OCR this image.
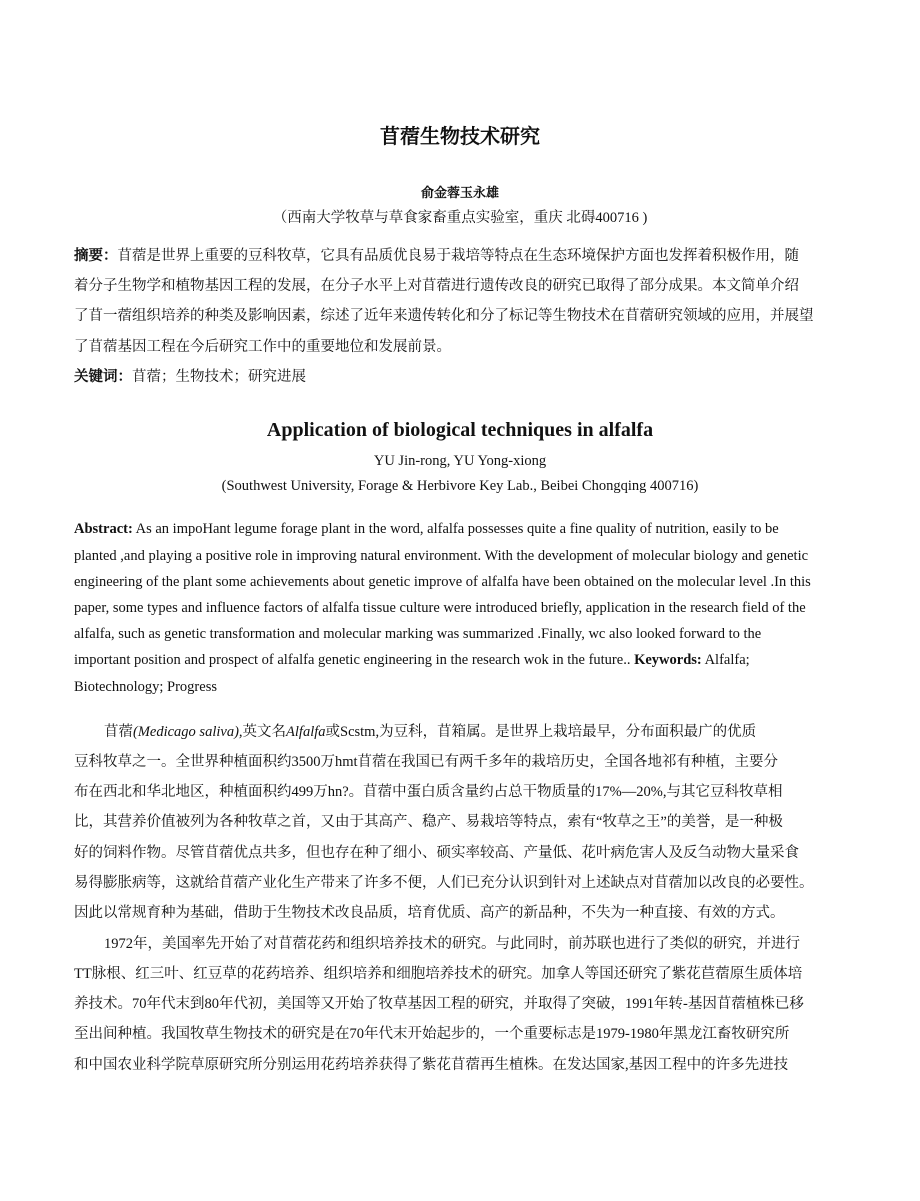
苜蓿生物技术研究
俞金蓉玉永雄
（西南大学牧草与草食家畜重点实验室，重庆 北碍400716 )
摘要：苜蓿是世界上重要的豆科牧草，它具有品质优良易于栽培等特点在生态环境保护方面也发挥着积极作用，随
着分子生物学和植物基因工程的发展，在分子水平上对苜蓿进行遗传改良的研究已取得了部分成果。本文简单介绍
了苜一蓿组织培养的种类及影响因素，综述了近年来遗传转化和分了标记等生物技术在苜蓿研究领域的应用，并展望
了苜蓿基因工程在今后研究工作中的重要地位和发展前景。
关键词：苜蓿；生物技术；研究进展
Application of biological techniques in alfalfa
YU Jin-rong, YU Yong-xiong
(Southwest University, Forage & Herbivore Key Lab., Beibei Chongqing 400716)
Abstract: As an impoHant legume forage plant in the word, alfalfa possesses quite a fine quality of nutrition, easily to be
planted ,and playing a positive role in improving natural environment. With the development of molecular biology and genetic
engineering of the plant some achievements about genetic improve of alfalfa have been obtained on the molecular level .In this
paper, some types and influence factors of alfalfa tissue culture were introduced briefly, application in the research field of the
alfalfa, such as genetic transformation and molecular marking was summarized .Finally, wc also looked forward to the
important position and prospect of alfalfa genetic engineering in the research wok in the future.. Keywords: Alfalfa;
Biotechnology; Progress
苜蓿(Medicago saliva),英文名Alfalfa或Scstm,为豆科，苜箱属。是世界上栽培最早，分布面积最广的优质
豆科牧草之一。全世界种植面积约3500万hmt苜蓿在我国已有两千多年的栽培历史，全国各地祁有种植，主要分
布在西北和华北地区，种植面积约499万hn?。苜蓿中蛋白质含量约占总干物质量的17%—20%,与其它豆科牧草相
比，其营养价值被列为各种牧草之首，又由于其高产、稳产、易栽培等特点，索有“牧草之王”的美誉，是一种极
好的饲料作物。尽管苜蓿优点共多，但也存在种了细小、硕实率较高、产量低、花叶病危害人及反刍动物大量采食
易得膨胀病等，这就给苜蓿产业化生产带来了许多不便，人们已充分认识到针对上述缺点对苜蓿加以改良的必要性。
因此以常规育种为基础，借助于生物技术改良品质，培育优质、高产的新品种，不失为一种直接、有效的方式。
1972年，美国率先开始了对苜蓿花药和组织培养技术的研究。与此同时，前苏联也进行了类似的研究，并进行
TT脉根、红三叶、红豆草的花药培养、组织培养和细胞培养技术的研究。加拿人等国还研究了紫花苣蓿原生质体培
养技术。70年代末到80年代初，美国等又开始了牧草基因工程的研究，并取得了突破，1991年转-基因苜蓿植株已移
至出间种植。我国牧草生物技术的研究是在70年代末开始起步的，一个重要标志是1979-1980年黑龙江畜牧研究所
和中国农业科学院草原研究所分别运用花药培养获得了紫花苜蓿再生植株。在发达国家,基因工程中的许多先进技
